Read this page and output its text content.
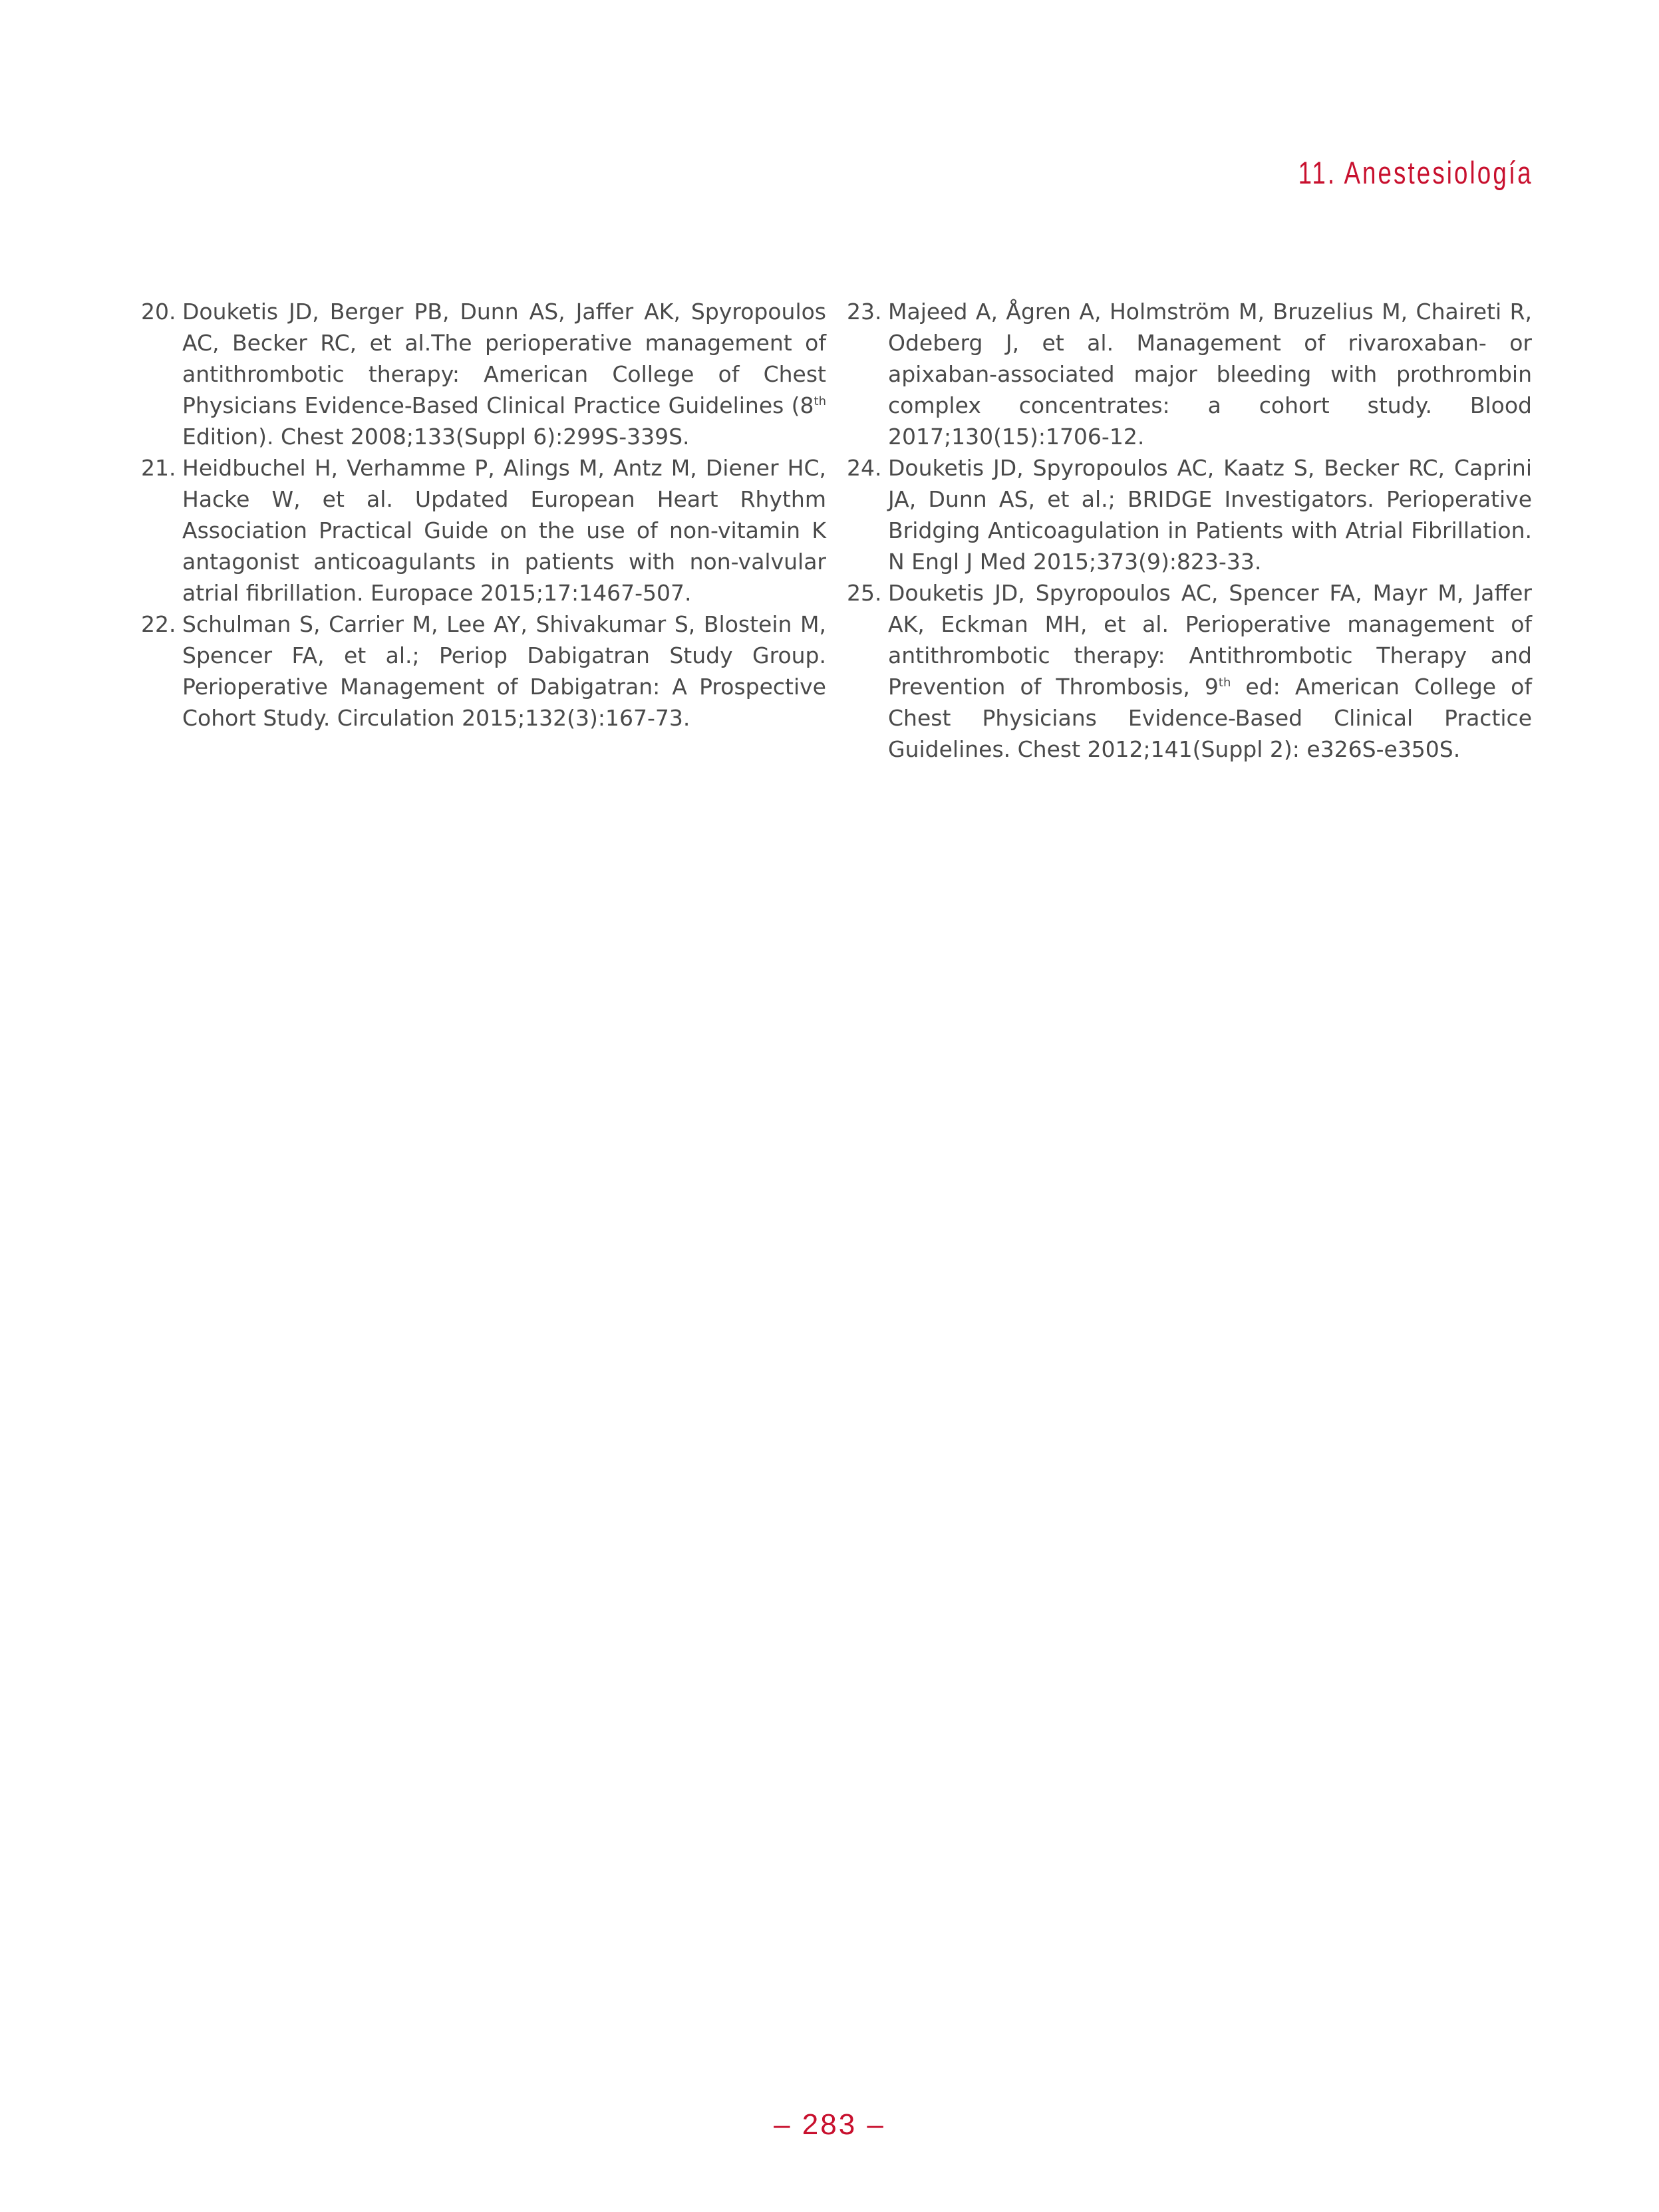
11. Anestesiología

20. Douketis JD, Berger PB, Dunn AS, Jaffer AK, Spyropoulos AC, Becker RC, et al.The perioperative management of antithrombotic therapy: American College of Chest Physicians Evidence-Based Clinical Practice Guidelines (8th Edition). Chest 2008;133(Suppl 6):299S-339S.

21. Heidbuchel H, Verhamme P, Alings M, Antz M, Diener HC, Hacke W, et al. Updated European Heart Rhythm Association Practical Guide on the use of non-vitamin K antagonist anticoagulants in patients with non-valvular atrial fibrillation. Europace 2015;17:1467-507.

22. Schulman S, Carrier M, Lee AY, Shivakumar S, Blostein M, Spencer FA, et al.; Periop Dabigatran Study Group. Perioperative Management of Dabigatran: A Prospective Cohort Study. Circulation 2015;132(3):167-73.

23. Majeed A, Ågren A, Holmström M, Bruzelius M, Chaireti R, Odeberg J, et al. Management of rivaroxaban- or apixaban-associated major bleeding with prothrombin complex concentrates: a cohort study. Blood 2017;130(15):1706-12.

24. Douketis JD, Spyropoulos AC, Kaatz S, Becker RC, Caprini JA, Dunn AS, et al.; BRIDGE Investigators. Perioperative Bridging Anticoagulation in Patients with Atrial Fibrillation. N Engl J Med 2015;373(9):823-33.

25. Douketis JD, Spyropoulos AC, Spencer FA, Mayr M, Jaffer AK, Eckman MH, et al. Perioperative management of antithrombotic therapy: Antithrombotic Therapy and Prevention of Thrombosis, 9th ed: American College of Chest Physicians Evidence-Based Clinical Practice Guidelines. Chest 2012;141(Suppl 2): e326S-e350S.

– 283 –
